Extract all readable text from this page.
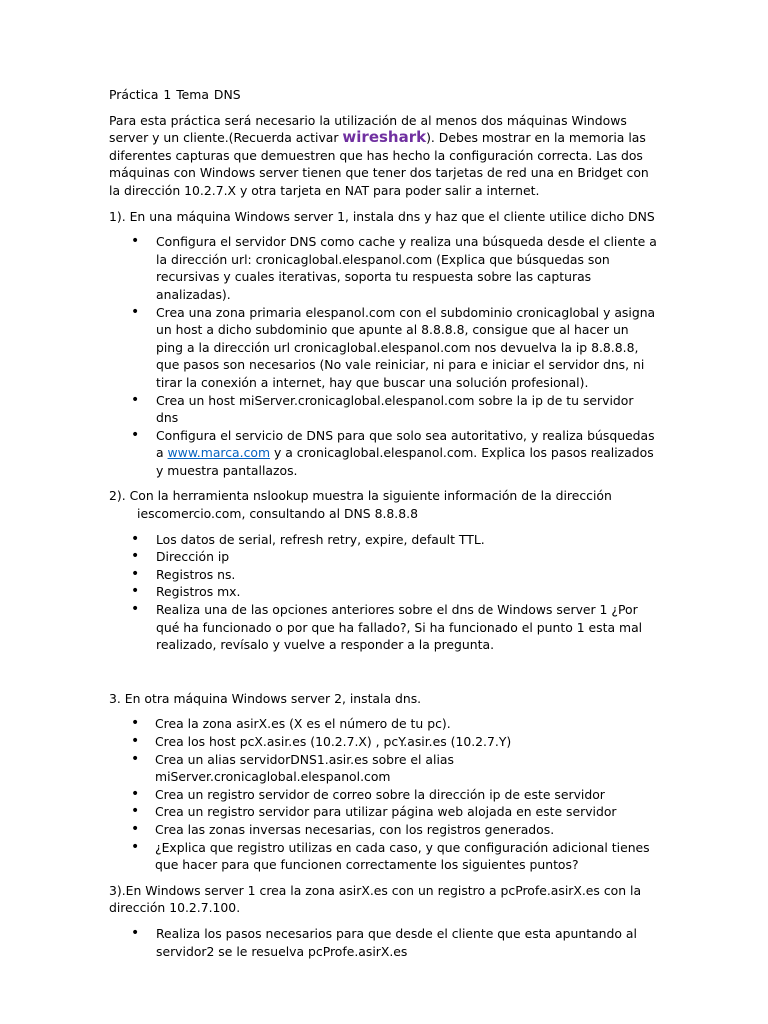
Práctica 1 Tema DNS

Para esta práctica será necesario la utilización de al menos dos máquinas Windows server y un cliente.(Recuerda activar wireshark). Debes mostrar en la memoria las diferentes capturas que demuestren que has hecho la configuración correcta. Las dos máquinas con Windows server tienen que tener dos tarjetas de red una en Bridget con la dirección 10.2.7.X y otra tarjeta en NAT para poder salir a internet.

1). En una máquina Windows server 1, instala dns y haz que el cliente utilice dicho DNS

• Configura el servidor DNS como cache y realiza una búsqueda desde el cliente a la dirección url: cronicaglobal.elespanol.com (Explica que búsquedas son recursivas y cuales iterativas, soporta tu respuesta sobre las capturas analizadas).
• Crea una zona primaria elespanol.com con el subdominio cronicaglobal y asigna un host a dicho subdominio que apunte al 8.8.8.8, consigue que al hacer un ping a la dirección url cronicaglobal.elespanol.com nos devuelva la ip 8.8.8.8, que pasos son necesarios (No vale reiniciar, ni para e iniciar el servidor dns, ni tirar la conexión a internet, hay que buscar una solución profesional).
• Crea un host miServer.cronicaglobal.elespanol.com sobre la ip de tu servidor dns
• Configura el servicio de DNS para que solo sea autoritativo, y realiza búsquedas a www.marca.com y a cronicaglobal.elespanol.com. Explica los pasos realizados y muestra pantallazos.

2). Con la herramienta nslookup muestra la siguiente información de la dirección iescomercio.com, consultando al DNS 8.8.8.8

• Los datos de serial, refresh retry, expire, default TTL.
• Dirección ip
• Registros ns.
• Registros mx.
• Realiza una de las opciones anteriores sobre el dns de Windows server 1 ¿Por qué ha funcionado o por que ha fallado?, Si ha funcionado el punto 1 esta mal realizado, revísalo y vuelve a responder a la pregunta.

3. En otra máquina Windows server 2, instala dns.

• Crea la zona asirX.es (X es el número de tu pc).
• Crea los host pcX.asir.es (10.2.7.X) , pcY.asir.es (10.2.7.Y)
• Crea un alias servidorDNS1.asir.es sobre el alias miServer.cronicaglobal.elespanol.com
• Crea un registro servidor de correo sobre la dirección ip de este servidor
• Crea un registro servidor para utilizar página web alojada en este servidor
• Crea las zonas inversas necesarias, con los registros generados.
• ¿Explica que registro utilizas en cada caso, y que configuración adicional tienes que hacer para que funcionen correctamente los siguientes puntos?

3).En Windows server 1 crea la zona asirX.es con un registro a pcProfe.asirX.es con la dirección 10.2.7.100.

• Realiza los pasos necesarios para que desde el cliente que esta apuntando al servidor2 se le resuelva pcProfe.asirX.es
